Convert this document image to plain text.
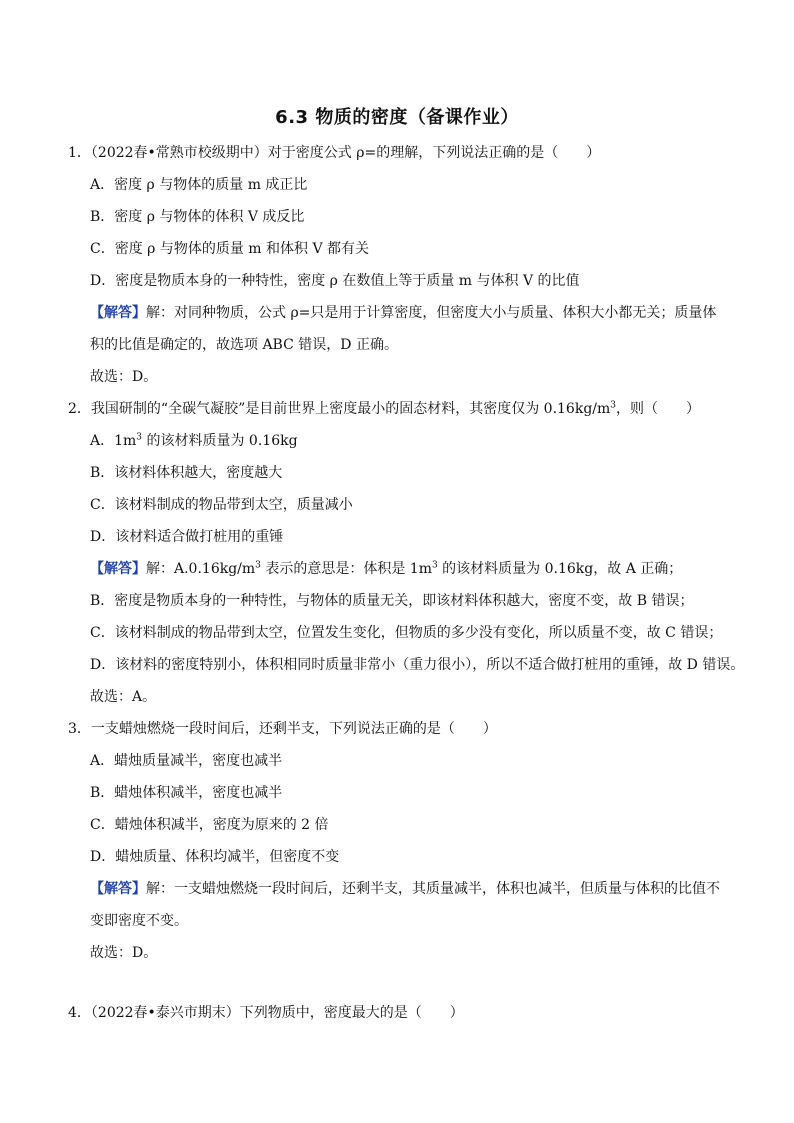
6.3 物质的密度（备课作业）
1．（2022春•常熟市校级期中）对于密度公式 ρ=的理解，下列说法正确的是（　　）
A．密度 ρ 与物体的质量 m 成正比
B．密度 ρ 与物体的体积 V 成反比
C．密度 ρ 与物体的质量 m 和体积 V 都有关
D．密度是物质本身的一种特性，密度 ρ 在数值上等于质量 m 与体积 V 的比值
【解答】解：对同种物质，公式 ρ=只是用于计算密度，但密度大小与质量、体积大小都无关；质量体
积的比值是确定的，故选项 ABC 错误，D 正确。
故选：D。
2．我国研制的“全碳气凝胶”是目前世界上密度最小的固态材料，其密度仅为 $0.16kg/m^3$，则（　　）
A．$1m^3$ 的该材料质量为 0.16kg
B．该材料体积越大，密度越大
C．该材料制成的物品带到太空，质量减小
D．该材料适合做打桩用的重锤
【解答】解：$A.0.16kg/m^3$ 表示的意思是：体积是 $1m^3$ 的该材料质量为 0.16kg，故 A 正确；
B．密度是物质本身的一种特性，与物体的质量无关，即该材料体积越大，密度不变，故 B 错误；
C．该材料制成的物品带到太空，位置发生变化，但物质的多少没有变化，所以质量不变，故 C 错误；
D．该材料的密度特别小，体积相同时质量非常小（重力很小），所以不适合做打桩用的重锤，故 D 错误。
故选：A。
3．一支蜡烛燃烧一段时间后，还剩半支，下列说法正确的是（　　）
A．蜡烛质量减半，密度也减半
B．蜡烛体积减半，密度也减半
C．蜡烛体积减半，密度为原来的 2 倍
D．蜡烛质量、体积均减半，但密度不变
【解答】解：一支蜡烛燃烧一段时间后，还剩半支，其质量减半，体积也减半，但质量与体积的比值不
变即密度不变。
故选：D。
4．（2022春•泰兴市期末）下列物质中，密度最大的是（　　）
